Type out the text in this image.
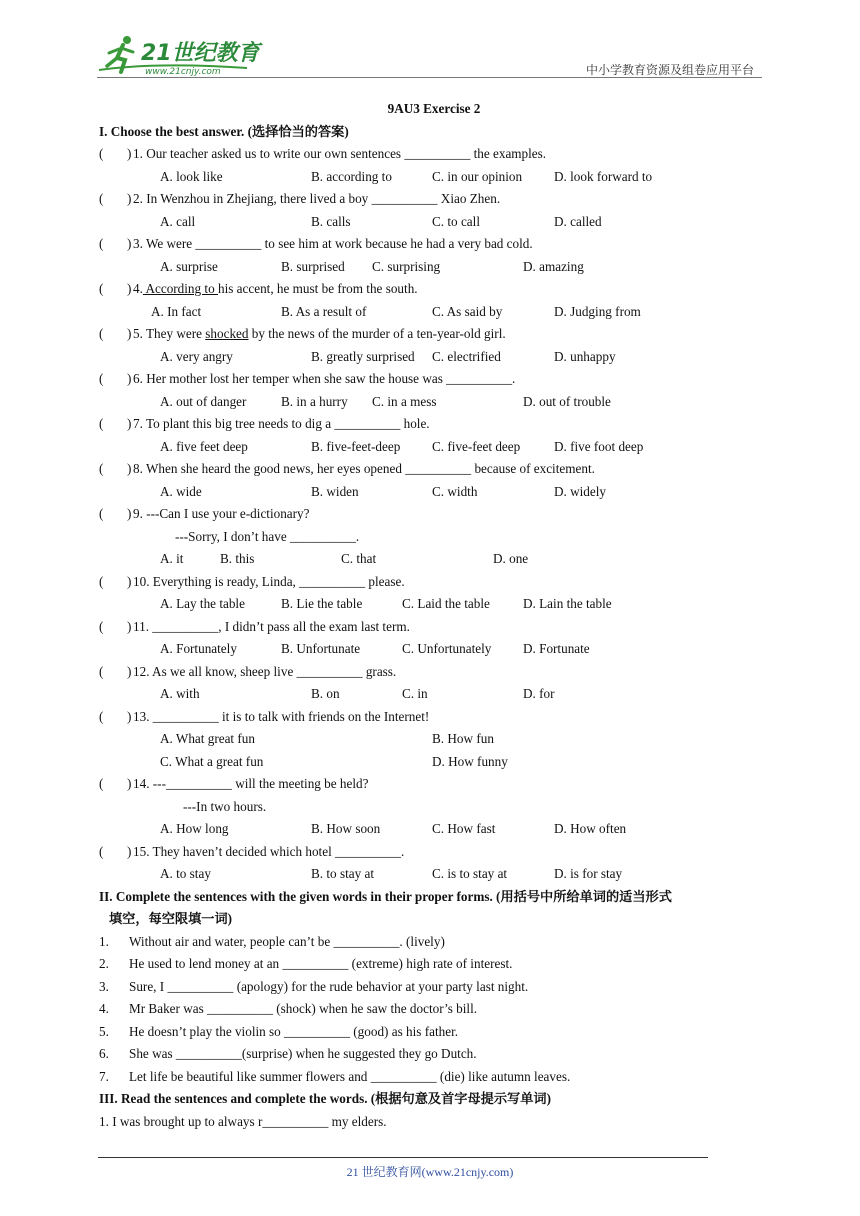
21世纪教育
www.21cnjy.com	中小学教育资源及组卷应用平台
9AU3 Exercise 2
I. Choose the best answer. (选择恰当的答案)
( ) 1. Our teacher asked us to write our own sentences __________ the examples.
A. look like	B. according to	C. in our opinion D. look forward to
( ) 2. In Wenzhou in Zhejiang, there lived a boy __________ Xiao Zhen.
A. call	B. calls	C. to call	D. called
( ) 3. We were __________ to see him at work because he had a very bad cold.
A. surprise	B. surprised C. surprising	D. amazing
( ) 4. According to his accent, he must be from the south.
A. In fact	B. As a result of	C. As said by	D. Judging from
( ) 5. They were shocked by the news of the murder of a ten-year-old girl.
A. very angry	B. greatly surprised C. electrified	D. unhappy
( ) 6. Her mother lost her temper when she saw the house was __________.
A. out of danger	B. in a hurry C. in a mess	D. out of trouble
( ) 7. To plant this big tree needs to dig a __________ hole.
A. five feet deep	B. five-feet-deep C. five-feet deep	D. five foot deep
( ) 8. When she heard the good news, her eyes opened __________ because of excitement.
A. wide	B. widen	C. width	D. widely
( ) 9. ---Can I use your e-dictionary?
---Sorry, I don’t have __________.
A. it	B. this	C. that	D. one
( ) 10. Everything is ready, Linda, __________ please.
A. Lay the table	B. Lie the table	C. Laid the table	D. Lain the table
( ) 11. __________, I didn’t pass all the exam last term.
A. Fortunately	B. Unfortunate	C. Unfortunately D. Fortunate
( ) 12. As we all know, sheep live __________ grass.
A. with	B. on	C. in	D. for
( ) 13. __________ it is to talk with friends on the Internet!
A. What great fun	B. How fun
C. What a great fun	D. How funny
( ) 14. ---__________ will the meeting be held?
---In two hours.
A. How long	B. How soon	C. How fast	D. How often
( ) 15. They haven’t decided which hotel __________.
A. to stay	B. to stay at	C. is to stay at	D. is for stay
II. Complete the sentences with the given words in their proper forms. (用括号中所给单词的适当形式
填空，每空限填一词)
1. Without air and water, people can’t be __________. (lively)
2. He used to lend money at an __________ (extreme) high rate of interest.
3. Sure, I __________ (apology) for the rude behavior at your party last night.
4. Mr Baker was __________ (shock) when he saw the doctor’s bill.
5. He doesn’t play the violin so __________ (good) as his father.
6. She was __________(surprise) when he suggested they go Dutch.
7. Let life be beautiful like summer flowers and __________ (die) like autumn leaves.
III. Read the sentences and complete the words. (根据句意及首字母提示写单词)
1. I was brought up to always r__________ my elders.
21 世纪教育网(www.21cnjy.com)
